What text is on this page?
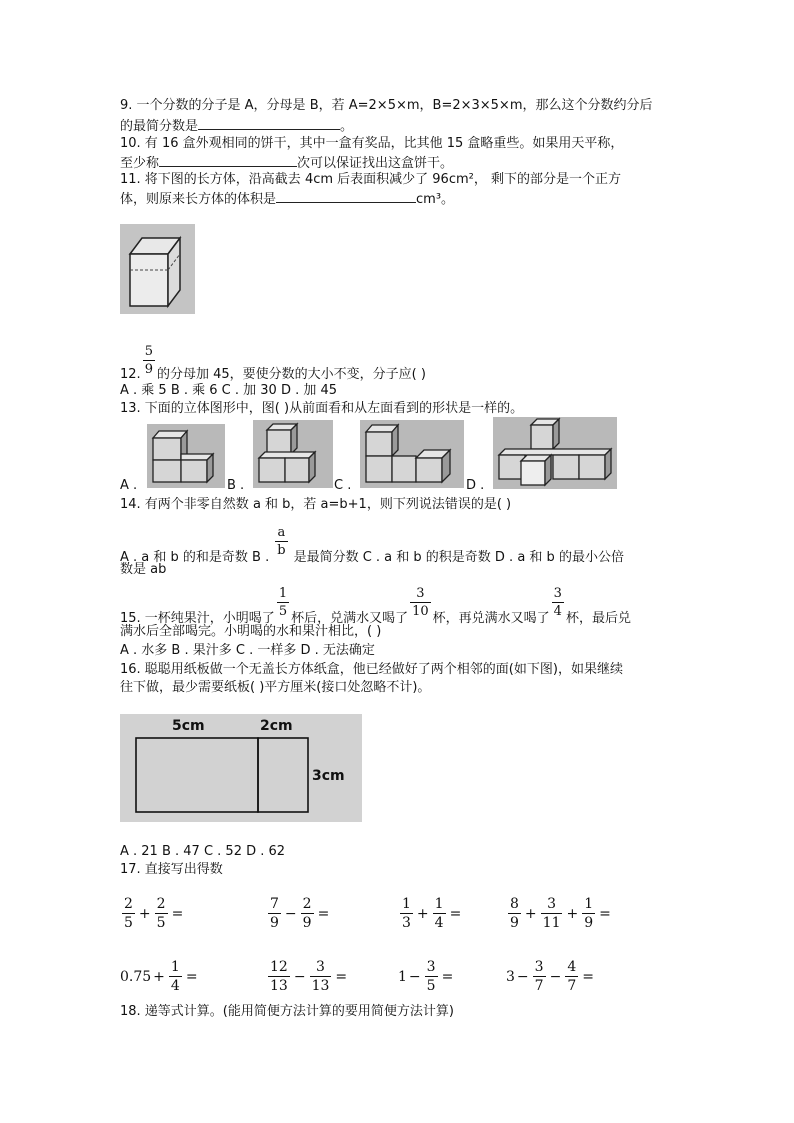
9. 一个分数的分子是 A，分母是 B，若 A=2×5×m，B=2×3×5×m，那么这个分数约分后
的最简分数是	。
10. 有 16 盒外观相同的饼干，其中一盒有奖品，比其他 15 盒略重些。如果用天平称，
至少称	次可以保证找出这盒饼干。
11. 将下图的长方体，沿高截去 4cm 后表面积减少了 96cm²， 剩下的部分是一个正方
体，则原来长方体的体积是	cm³。
12. $\frac{5}{9}$ 的分母加 45，要使分数的大小不变，分子应( )
A . 乘 5 B . 乘 6 C . 加 30 D . 加 45
13. 下面的立体图形中，图( )从前面看和从左面看到的形状是一样的。
A .	B .	C .	D .
14. 有两个非零自然数 a 和 b，若 a=b+1，则下列说法错误的是( )
A . a 和 b 的和是奇数 B .
$\frac{a}{b}$
是最简分数 C . a 和 b 的积是奇数 D . a 和 b 的最小公倍
数是 ab
15. 一杯纯果汁，小明喝了
$\frac{1}{5}$
杯后，兑满水又喝了
$\frac{3}{10}$
杯，再兑满水又喝了
$\frac{3}{4}$
杯，最后兑
满水后全部喝完。小明喝的水和果汁相比，( )
A . 水多 B . 果汁多 C . 一样多 D . 无法确定
16. 聪聪用纸板做一个无盖长方体纸盒，他已经做好了两个相邻的面(如下图)，如果继续
往下做，最少需要纸板( )平方厘米(接口处忽略不计)。
5cm	2cm
3cm
A . 21 B . 47 C . 52 D . 62
17. 直接写出得数
$\frac{2}{5} + \frac{2}{5}$ =	$\frac{7}{9} - \frac{2}{9}$ =	$\frac{1}{3} + \frac{1}{4}$ =	$\frac{8}{9} + \frac{3}{11} + \frac{1}{9}$ =
$0.75 + \frac{1}{4}$ =	$\frac{12}{13} - \frac{3}{13}$ =	$1 - \frac{3}{5}$ =	$3 - \frac{3}{7} - \frac{4}{7}$ =
18. 递等式计算。(能用简便方法计算的要用简便方法计算)
